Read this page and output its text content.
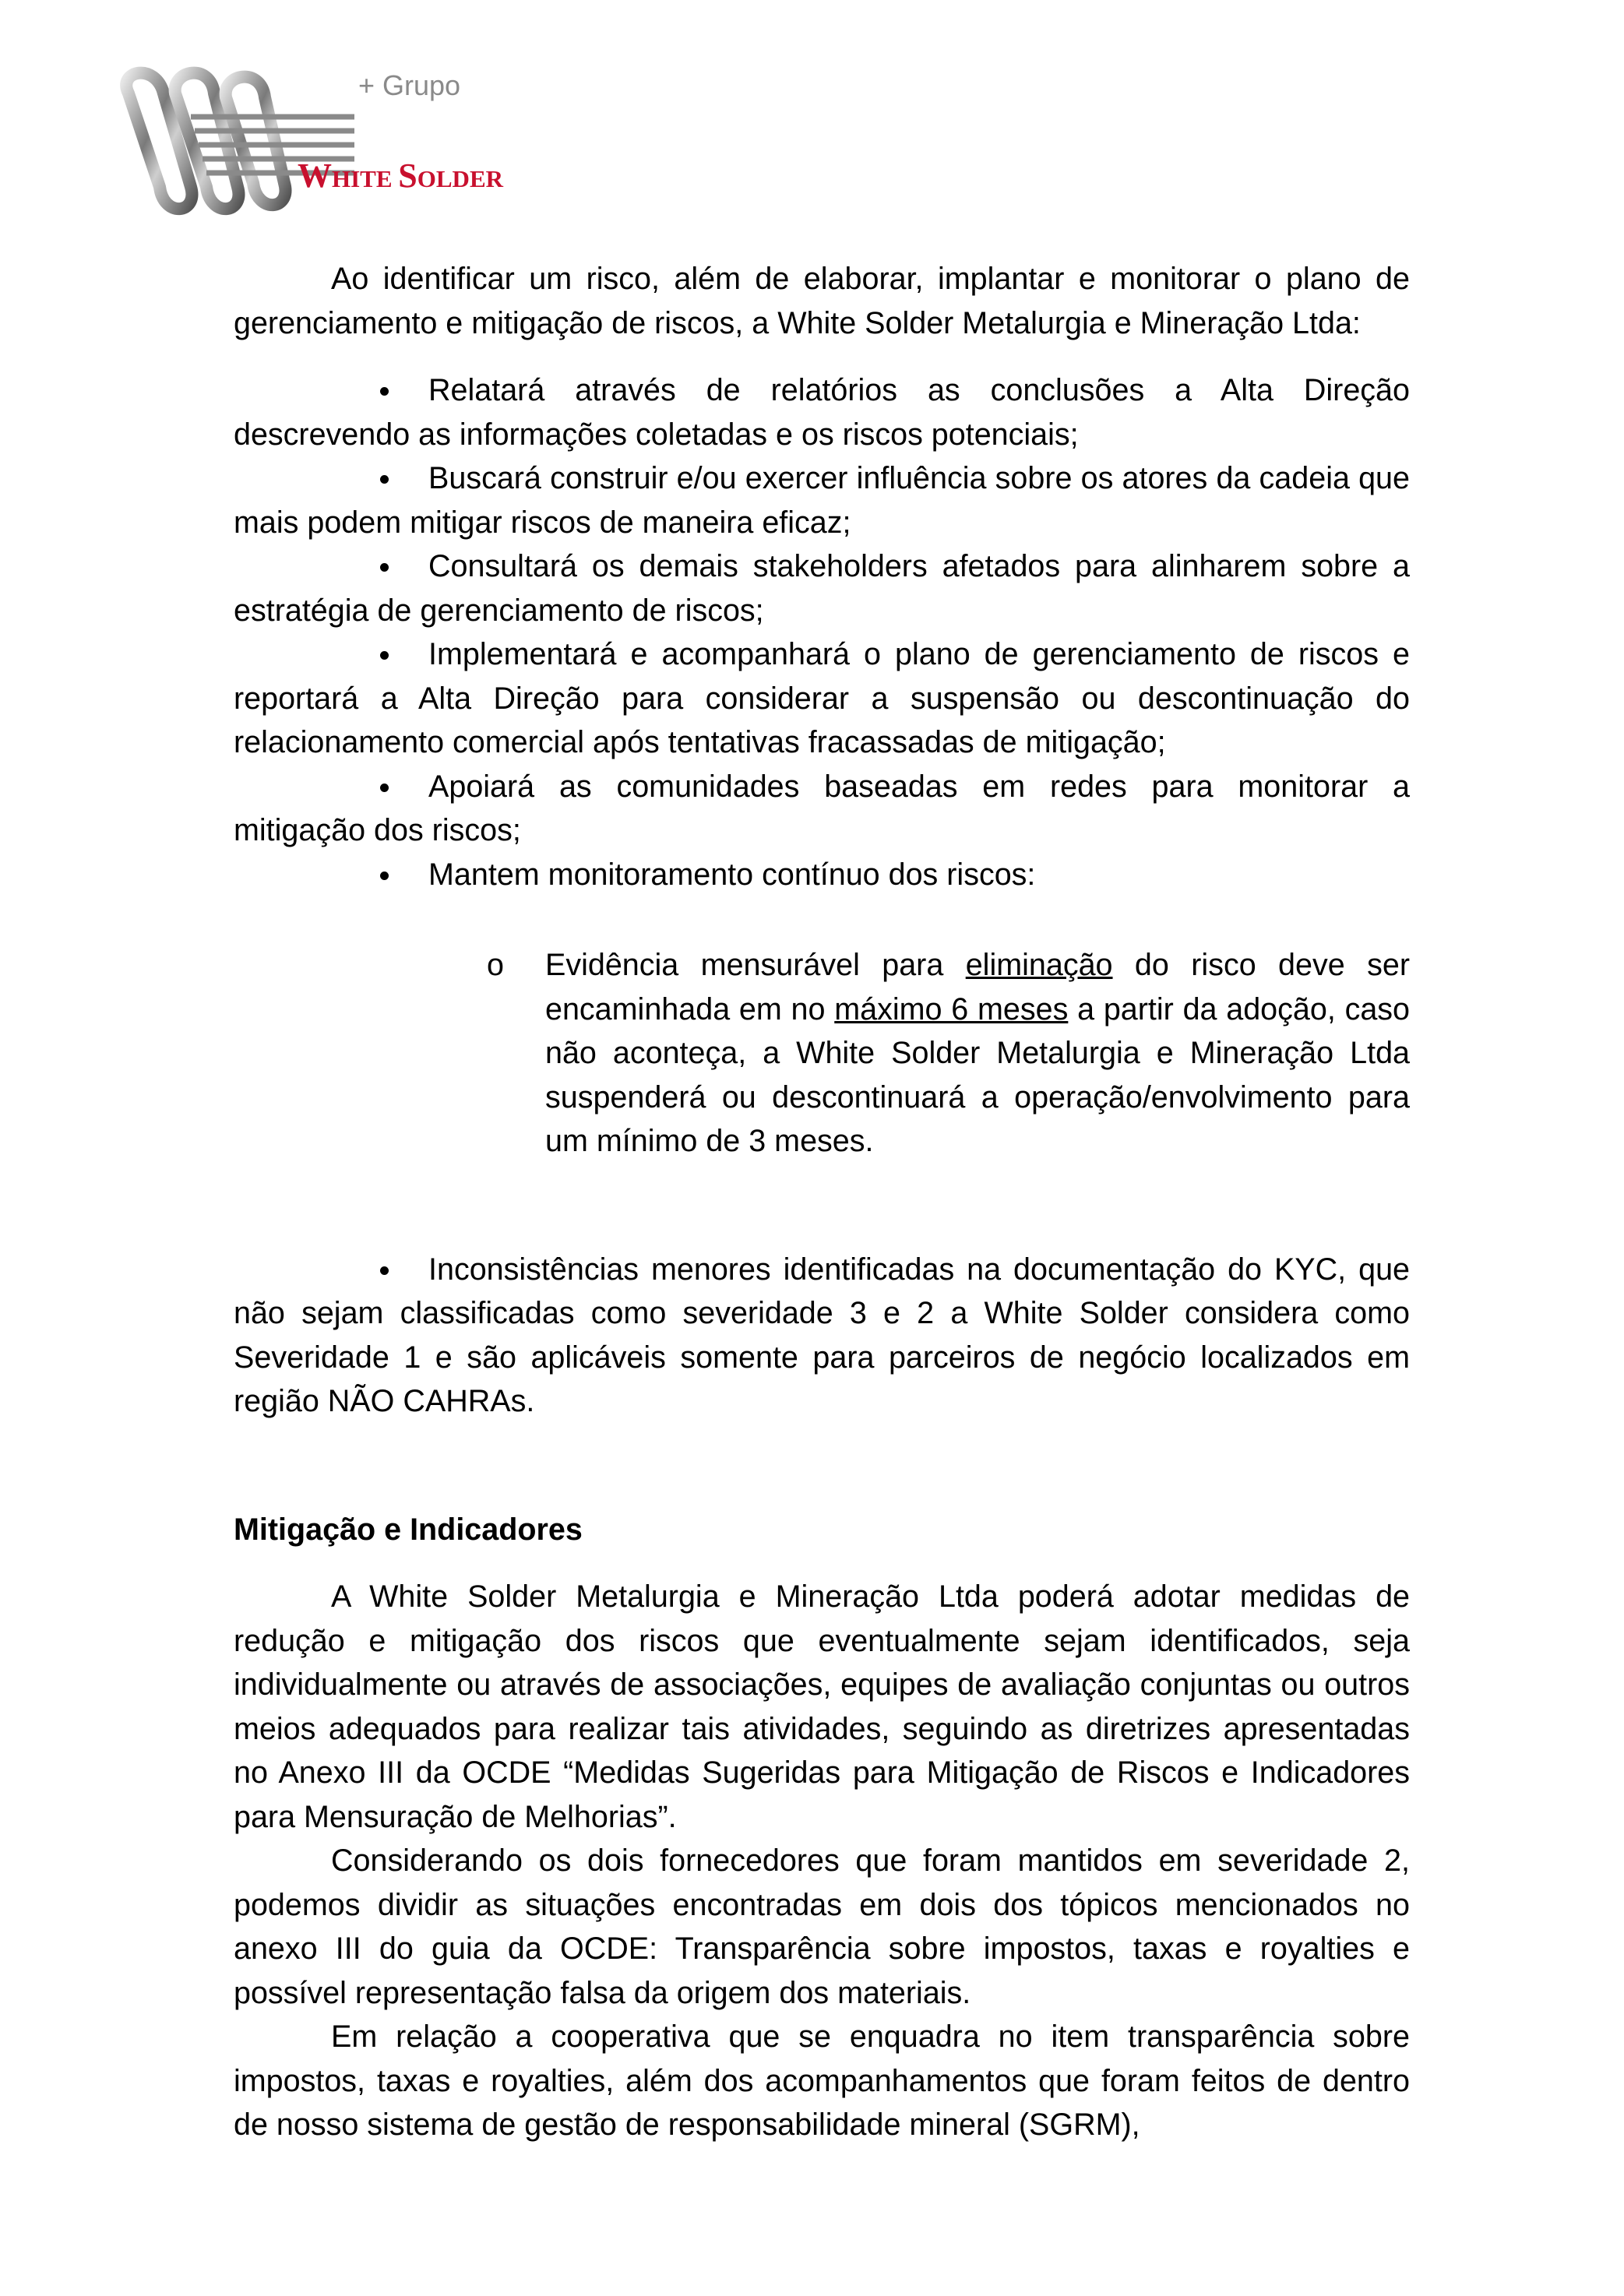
+ Grupo
WHITE SOLDER

Ao identificar um risco, além de elaborar, implantar e monitorar o plano de gerenciamento e mitigação de riscos, a White Solder Metalurgia e Mineração Ltda:

Relatará através de relatórios as conclusões a Alta Direção descrevendo as informações coletadas e os riscos potenciais;

Buscará construir e/ou exercer influência sobre os atores da cadeia que mais podem mitigar riscos de maneira eficaz;

Consultará os demais stakeholders afetados para alinharem sobre a estratégia de gerenciamento de riscos;

Implementará e acompanhará o plano de gerenciamento de riscos e reportará a Alta Direção para considerar a suspensão ou descontinuação do relacionamento comercial após tentativas fracassadas de mitigação;

Apoiará as comunidades baseadas em redes para monitorar a mitigação dos riscos;

Mantem monitoramento contínuo dos riscos:

o Evidência mensurável para eliminação do risco deve ser encaminhada em no máximo 6 meses a partir da adoção, caso não aconteça, a White Solder Metalurgia e Mineração Ltda suspenderá ou descontinuará a operação/envolvimento para um mínimo de 3 meses.

Inconsistências menores identificadas na documentação do KYC, que não sejam classificadas como severidade 3 e 2 a White Solder considera como Severidade 1 e são aplicáveis somente para parceiros de negócio localizados em região NÃO CAHRAs.

Mitigação e Indicadores

A White Solder Metalurgia e Mineração Ltda poderá adotar medidas de redução e mitigação dos riscos que eventualmente sejam identificados, seja individualmente ou através de associações, equipes de avaliação conjuntas ou outros meios adequados para realizar tais atividades, seguindo as diretrizes apresentadas no Anexo III da OCDE “Medidas Sugeridas para Mitigação de Riscos e Indicadores para Mensuração de Melhorias”.

Considerando os dois fornecedores que foram mantidos em severidade 2, podemos dividir as situações encontradas em dois dos tópicos mencionados no anexo III do guia da OCDE: Transparência sobre impostos, taxas e royalties e possível representação falsa da origem dos materiais.

Em relação a cooperativa que se enquadra no item transparência sobre impostos, taxas e royalties, além dos acompanhamentos que foram feitos de dentro de nosso sistema de gestão de responsabilidade mineral (SGRM),
